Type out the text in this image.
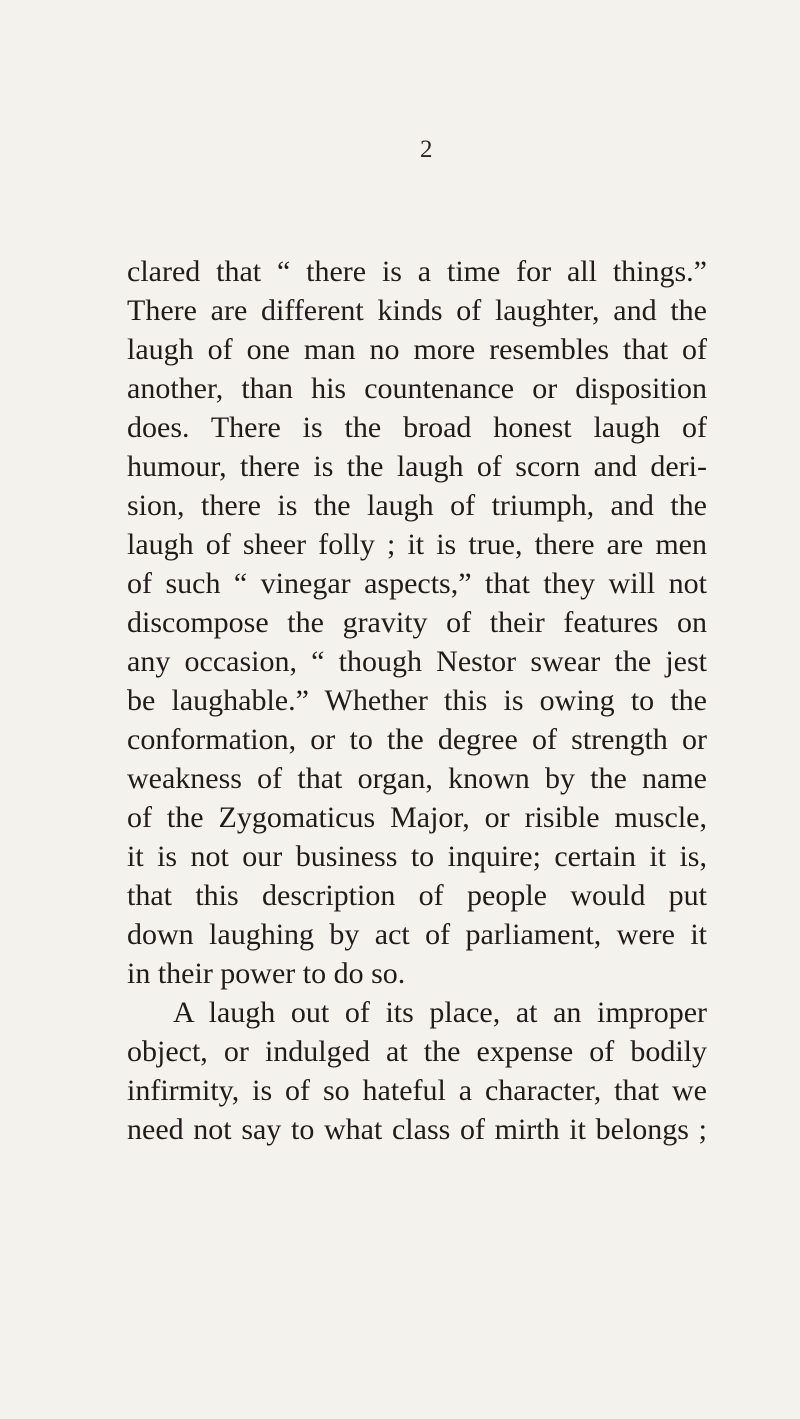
2
clared that “ there is a time for all things.”
There are different kinds of laughter, and the
laugh of one man no more resembles that of
another, than his countenance or disposition
does. There is the broad honest laugh of
humour, there is the laugh of scorn and deri-
sion, there is the laugh of triumph, and the
laugh of sheer folly ; it is true, there are men
of such “ vinegar aspects,” that they will not
discompose the gravity of their features on
any occasion, “ though Nestor swear the jest
be laughable.” Whether this is owing to the
conformation, or to the degree of strength or
weakness of that organ, known by the name
of the Zygomaticus Major, or risible muscle,
it is not our business to inquire; certain it is,
that this description of people would put
down laughing by act of parliament, were it
in their power to do so.
A laugh out of its place, at an improper
object, or indulged at the expense of bodily
infirmity, is of so hateful a character, that we
need not say to what class of mirth it belongs ;
